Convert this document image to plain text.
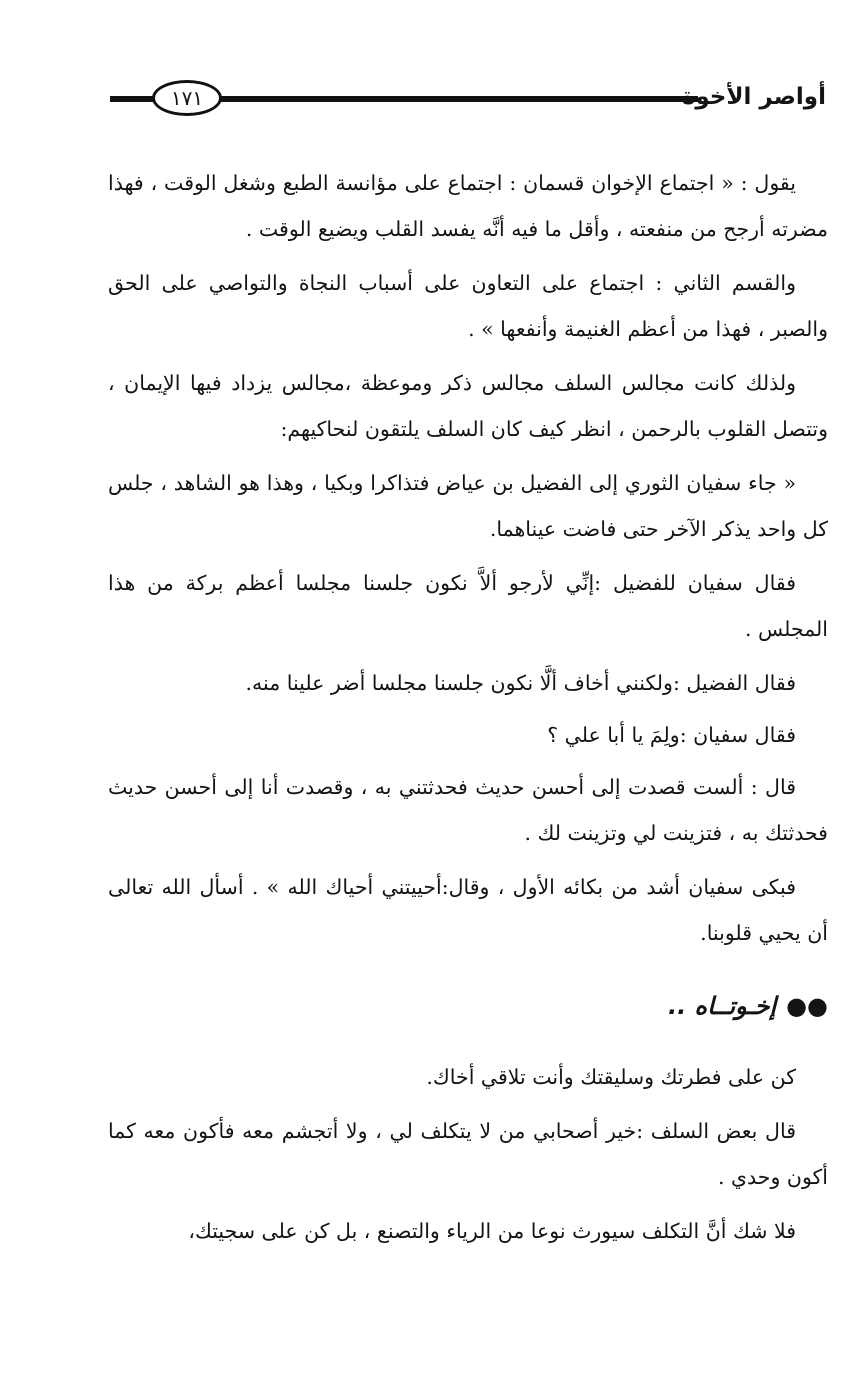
١٧١	أواصر الأخوة

يقول : « اجتماع الإخوان قسمان : اجتماع على مؤانسة الطبع وشغل الوقت ، فهذا مضرته أرجح من منفعته ، وأقل ما فيه أنَّه يفسد القلب ويضيع الوقت .

والقسم الثاني : اجتماع على التعاون على أسباب النجاة والتواصي على الحق والصبر ، فهذا من أعظم الغنيمة وأنفعها » .

ولذلك كانت مجالس السلف مجالس ذكر وموعظة ،مجالس يزداد فيها الإيمان ، وتتصل القلوب بالرحمن ، انظر كيف كان السلف يلتقون لنحاكيهم:

« جاء سفيان الثوري إلى الفضيل بن عياض فتذاكرا وبكيا ، وهذا هو الشاهد ، جلس كل واحد يذكر الآخر حتى فاضت عيناهما.

فقال سفيان للفضيل :إنِّي لأرجو ألاَّ نكون جلسنا مجلسا أعظم بركة من هذا المجلس .

فقال الفضيل :ولكنني أخاف ألَّا نكون جلسنا مجلسا أضر علينا منه.

فقال سفيان :ولِمَ يا أبا علي ؟

قال : ألست قصدت إلى أحسن حديث فحدثتني به ، وقصدت أنا إلى أحسن حديث فحدثتك به ، فتزينت لي وتزينت لك .

فبكى سفيان أشد من بكائه الأول ، وقال:أحييتني أحياك الله » . أسأل الله تعالى أن يحيي قلوبنا.

●●إخـوتــاه ..

كن على فطرتك وسليقتك وأنت تلاقي أخاك.

قال بعض السلف :خير أصحابي من لا يتكلف لي ، ولا أتجشم معه فأكون معه كما أكون وحدي .

فلا شك أنَّ التكلف سيورث نوعا من الرياء والتصنع ، بل كن على سجيتك،
